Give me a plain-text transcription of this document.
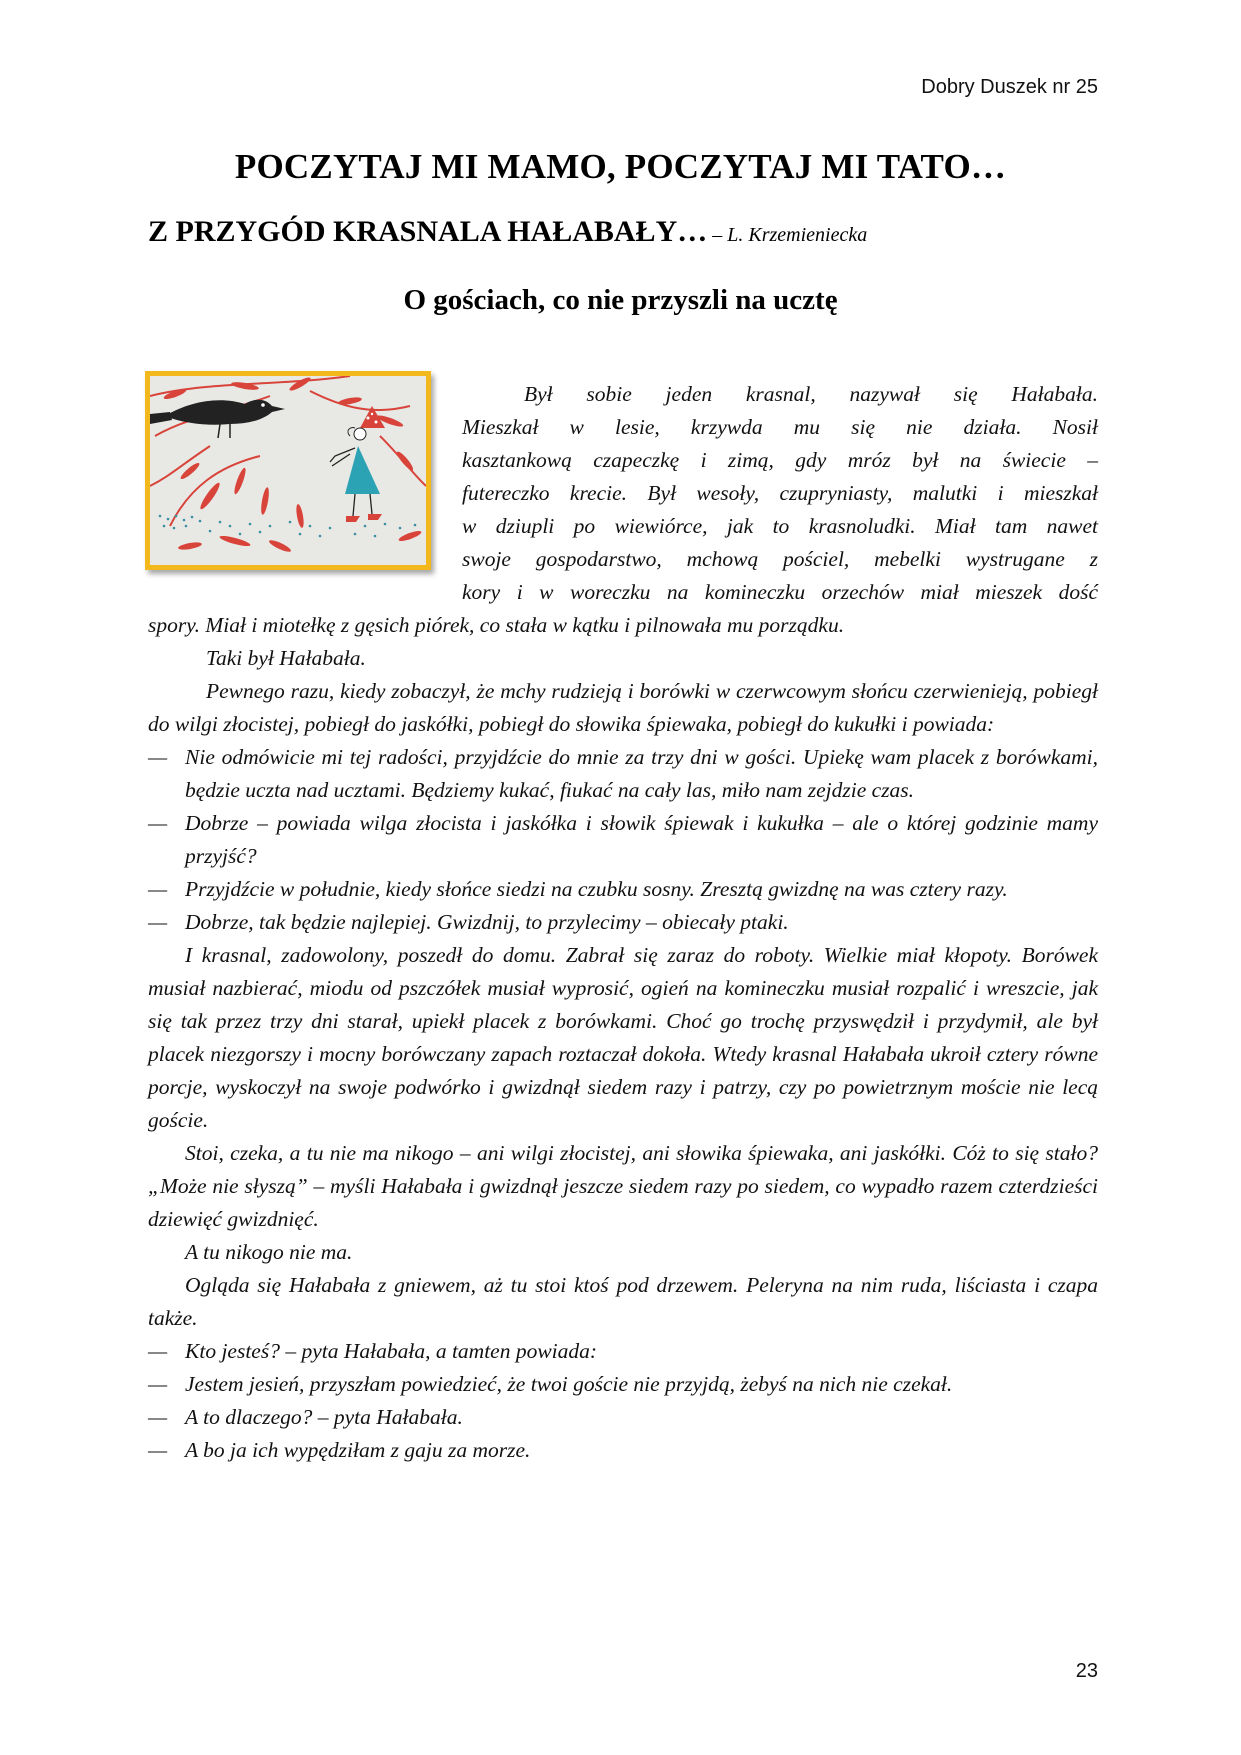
Dobry Duszek nr 25
POCZYTAJ MI MAMO, POCZYTAJ MI TATO…
Z PRZYGÓD KRASNALA HAŁABAŁY… – L. Krzemieniecka
O gościach, co nie przyszli na ucztę
Był sobie jeden krasnal, nazywał się Hałabała.
Mieszkał w lesie, krzywda mu się nie działa. Nosił
kasztankową czapeczkę i zimą, gdy mróz był na świecie –
futereczko krecie. Był wesoły, czupryniasty, malutki i mieszkał
w dziupli po wiewiórce, jak to krasnoludki. Miał tam nawet
swoje gospodarstwo, mchową pościel, mebelki wystrugane z
kory i w woreczku na komineczku orzechów miał mieszek dość

spory. Miał i miotełkę z gęsich piórek, co stała w kątku i pilnowała mu porządku.

Taki był Hałabała.

Pewnego razu, kiedy zobaczył, że mchy rudzieją i borówki w czerwcowym słońcu czerwienieją, pobiegł do wilgi złocistej, pobiegł do jaskółki, pobiegł do słowika śpiewaka, pobiegł do kukułki i powiada:

— Nie odmówicie mi tej radości, przyjdźcie do mnie za trzy dni w gości. Upiekę wam placek z borówkami, będzie uczta nad ucztami. Będziemy kukać, fiukać na cały las, miło nam zejdzie czas.
— Dobrze – powiada wilga złocista i jaskółka i słowik śpiewak i kukułka – ale o której godzinie mamy przyjść?
— Przyjdźcie w południe, kiedy słońce siedzi na czubku sosny. Zresztą gwizdnę na was cztery razy.
— Dobrze, tak będzie najlepiej. Gwizdnij, to przylecimy – obiecały ptaki.

I krasnal, zadowolony, poszedł do domu. Zabrał się zaraz do roboty. Wielkie miał kłopoty. Borówek musiał nazbierać, miodu od pszczółek musiał wyprosić, ogień na komineczku musiał rozpalić i wreszcie, jak się tak przez trzy dni starał, upiekł placek z borówkami. Choć go trochę przyswędził i przydymił, ale był placek niezgorszy i mocny borówczany zapach roztaczał dokoła. Wtedy krasnal Hałabała ukroił cztery równe porcje, wyskoczył na swoje podwórko i gwizdnął siedem razy i patrzy, czy po powietrznym moście nie lecą goście.

Stoi, czeka, a tu nie ma nikogo – ani wilgi złocistej, ani słowika śpiewaka, ani jaskółki. Cóż to się stało? „Może nie słyszą” – myśli Hałabała i gwizdnął jeszcze siedem razy po siedem, co wypadło razem czterdzieści dziewięć gwizdnięć.

A tu nikogo nie ma.

Ogląda się Hałabała z gniewem, aż tu stoi ktoś pod drzewem. Peleryna na nim ruda, liściasta i czapa także.

— Kto jesteś? – pyta Hałabała, a tamten powiada:
— Jestem jesień, przyszłam powiedzieć, że twoi goście nie przyjdą, żebyś na nich nie czekał.
— A to dlaczego? – pyta Hałabała.
— A bo ja ich wypędziłam z gaju za morze.
23
